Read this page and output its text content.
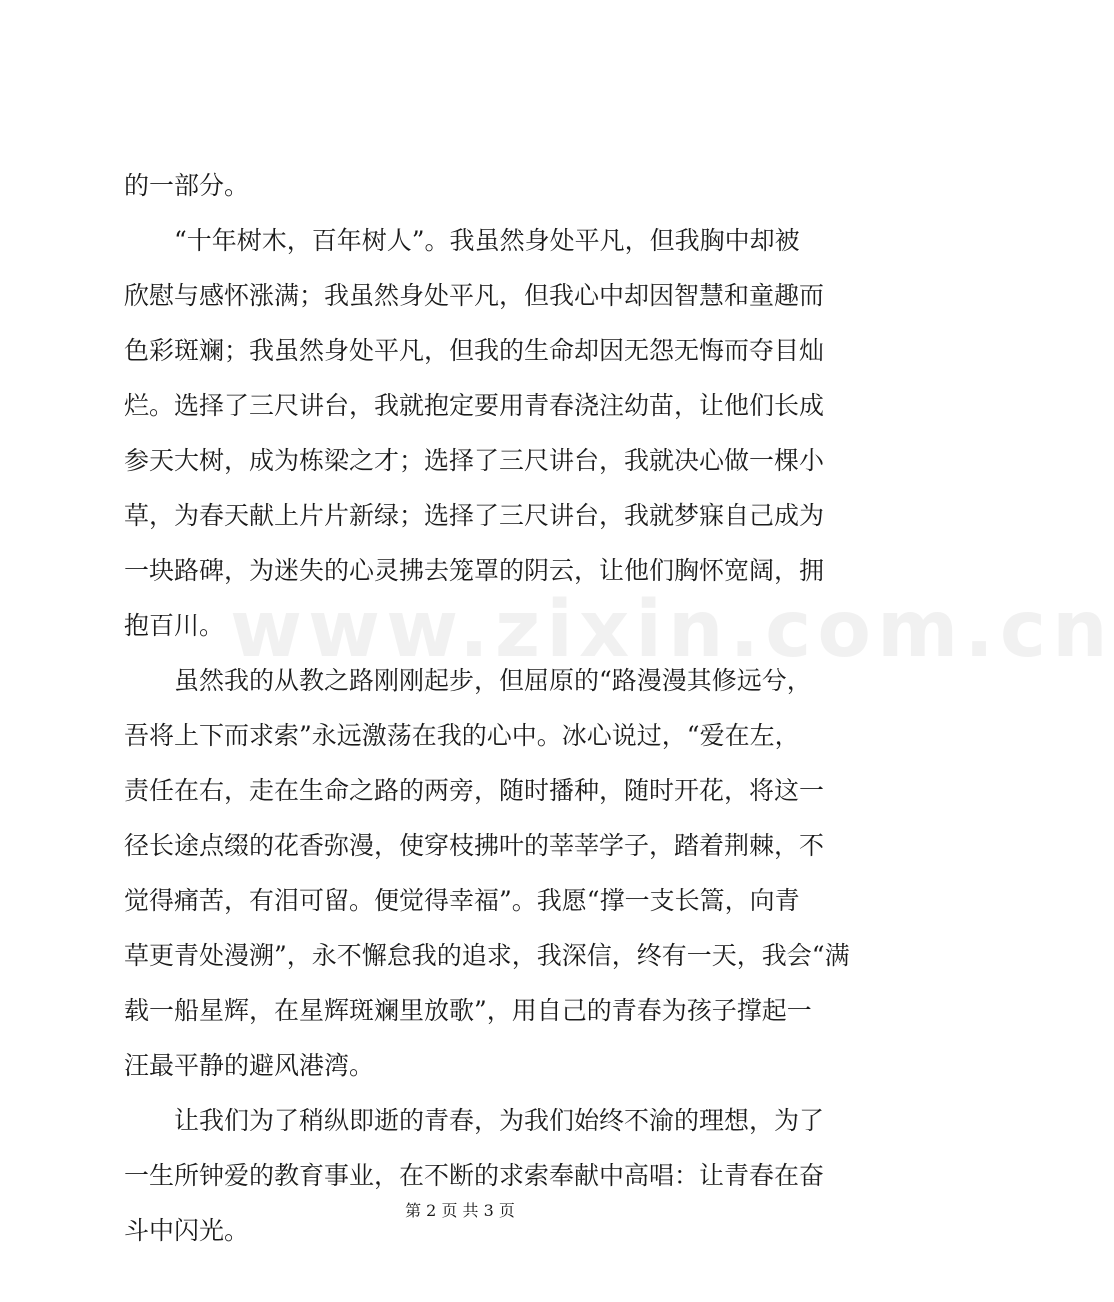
www.zixin.com.cn
的一部分。
“十年树木，百年树人”。我虽然身处平凡，但我胸中却被
欣慰与感怀涨满；我虽然身处平凡，但我心中却因智慧和童趣而
色彩斑斓；我虽然身处平凡，但我的生命却因无怨无悔而夺目灿
烂。选择了三尺讲台，我就抱定要用青春浇注幼苗，让他们长成
参天大树，成为栋梁之才；选择了三尺讲台，我就决心做一棵小
草，为春天献上片片新绿；选择了三尺讲台，我就梦寐自己成为
一块路碑，为迷失的心灵拂去笼罩的阴云，让他们胸怀宽阔，拥
抱百川。
虽然我的从教之路刚刚起步，但屈原的“路漫漫其修远兮，
吾将上下而求索”永远激荡在我的心中。冰心说过，“爱在左，
责任在右，走在生命之路的两旁，随时播种，随时开花，将这一
径长途点缀的花香弥漫，使穿枝拂叶的莘莘学子，踏着荆棘，不
觉得痛苦，有泪可留。便觉得幸福”。我愿“撑一支长篙，向青
草更青处漫溯”，永不懈怠我的追求，我深信，终有一天，我会“满
载一船星辉，在星辉斑斓里放歌”，用自己的青春为孩子撑起一
汪最平静的避风港湾。
让我们为了稍纵即逝的青春，为我们始终不渝的理想，为了
一生所钟爱的教育事业，在不断的求索奉献中高唱：让青春在奋
斗中闪光。
第 2 页 共 3 页
